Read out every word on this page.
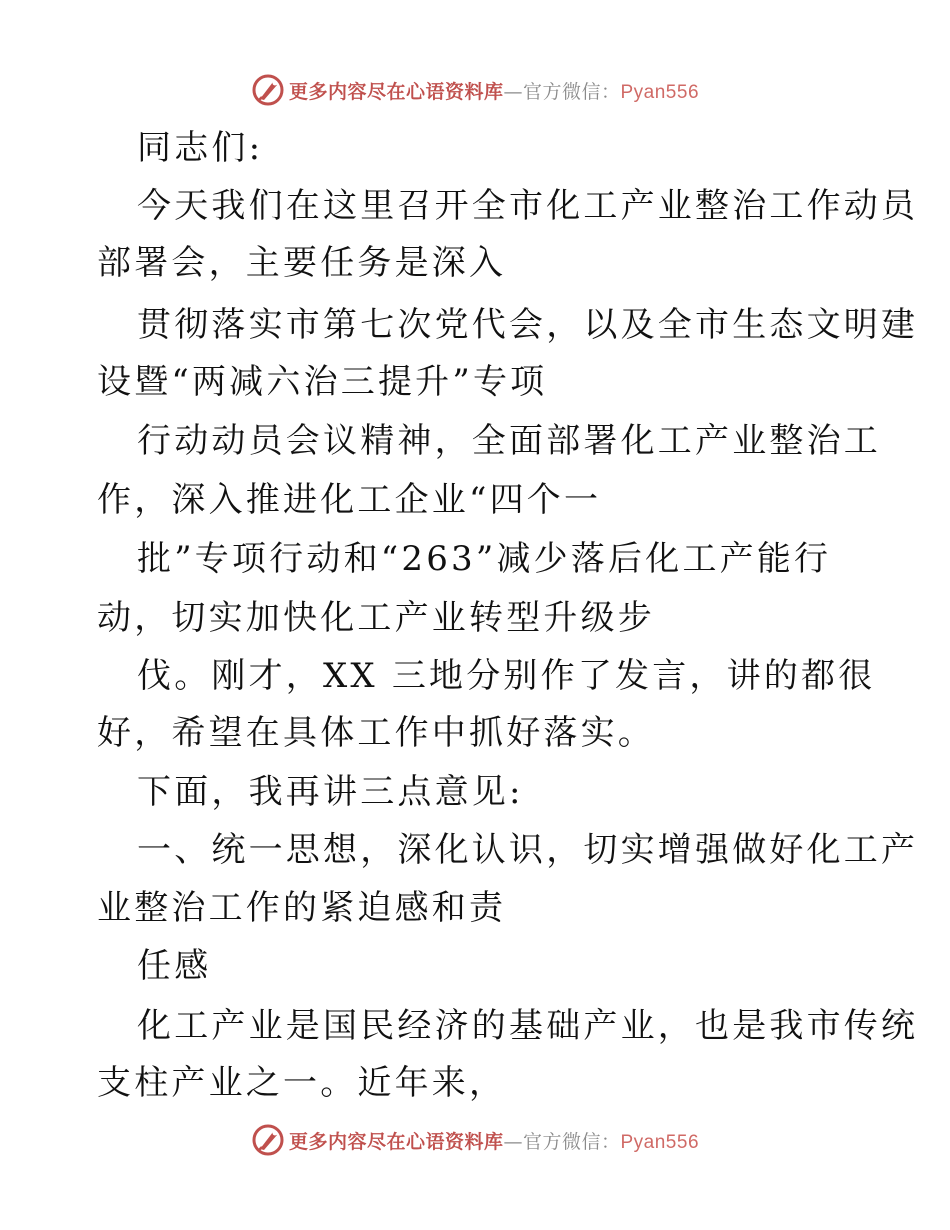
更多内容尽在心语资料库—官方微信：Pyan556
同志们:
今天我们在这里召开全市化工产业整治工作动员
部署会，主要任务是深入
贯彻落实市第七次党代会，以及全市生态文明建
设暨“两减六治三提升”专项
行动动员会议精神，全面部署化工产业整治工
作，深入推进化工企业“四个一
批”专项行动和“263”减少落后化工产能行
动，切实加快化工产业转型升级步
伐。刚才，XX 三地分别作了发言，讲的都很
好，希望在具体工作中抓好落实。
下面，我再讲三点意见:
一、统一思想，深化认识，切实增强做好化工产
业整治工作的紧迫感和责
任感
化工产业是国民经济的基础产业，也是我市传统
支柱产业之一。近年来，
更多内容尽在心语资料库—官方微信：Pyan556
